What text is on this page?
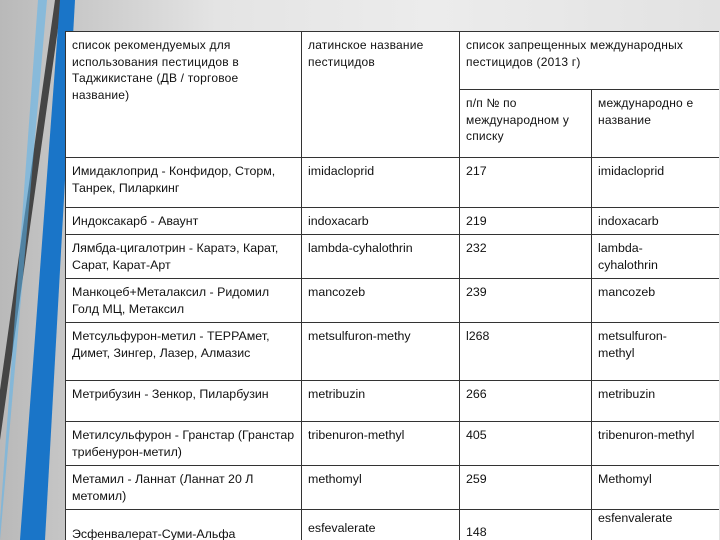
список рекомендуемых для использования пестицидов в Таджикистане (ДВ / торговое название)	латинское название пестицидов	список запрещенных международных пестицидов (2013 г)	
		п/п № по международном у списку	международно е название
Имидаклоприд - Конфидор, Сторм, Танрек, Пиларкинг	imidacloprid	217	imidacloprid
Индоксакарб - Аваунт	indoxacarb	219	indoxacarb
Лямбда-цигалотрин - Каратэ, Карат, Сарат, Карат-Арт	lambda-cyhalothrin	232	lambda-
cyhalothrin
Манкоцеб+Металаксил - Ридомил Голд МЦ, Метаксил	mancozeb	239	mancozeb
Метсульфурон-метил - ТЕРРАмет, Димет, Зингер, Лазер, Алмазис	metsulfuron-methy	l268	metsulfuron-
methyl
Метрибузин - Зенкор, Пиларбузин	metribuzin	266	metribuzin
Метилсульфурон - Гранстар (Гранстар трибенурон-метил)	tribenuron-methyl	405	tribenuron-methyl
Метамил - Ланнат (Ланнат 20 Л метомил)	methomyl	259	Methomyl
Эсфенвалерат-Суми-Альфа	esfevalerate	148	esfenvalerate
